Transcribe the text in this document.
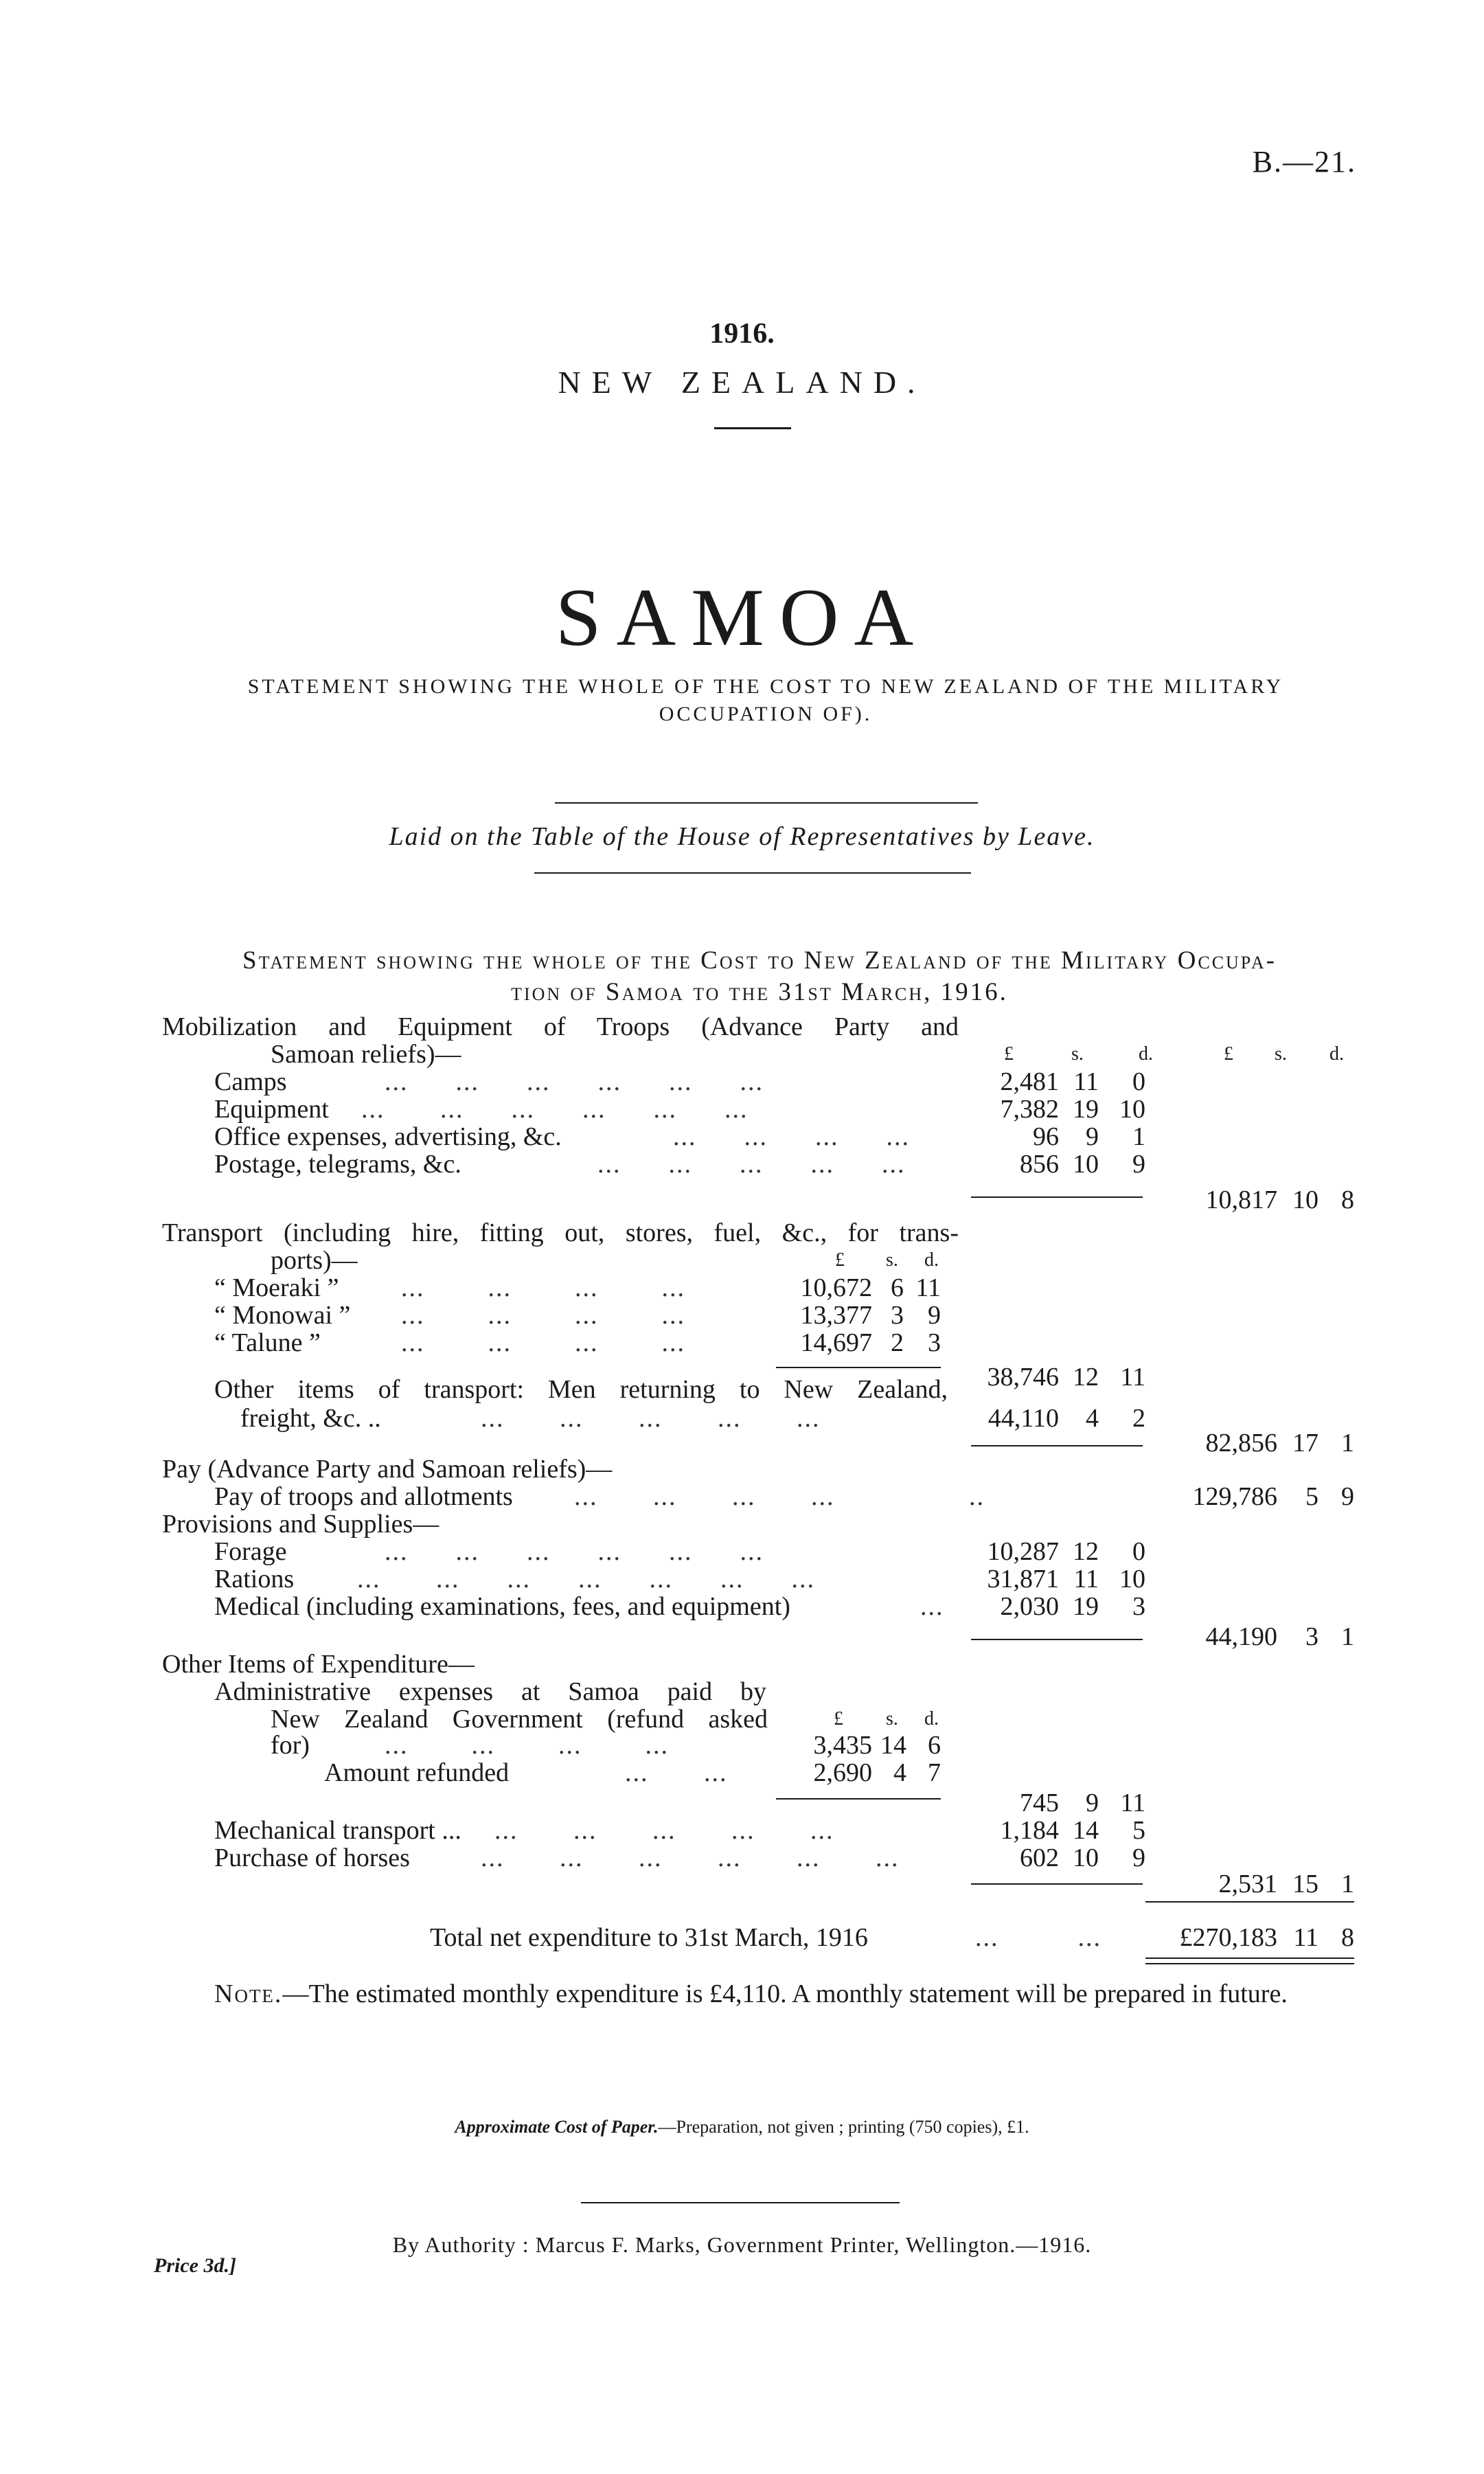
B.—21.
1916.
NEW ZEALAND.
SAMOA
STATEMENT SHOWING THE WHOLE OF THE COST TO NEW ZEALAND OF THE MILITARY OCCUPATION OF).
Laid on the Table of the House of Representatives by Leave.
Statement showing the whole of the Cost to New Zealand of the Military Occupa-
tion of Samoa to the 31st March, 1916.
Mobilization and Equipment of Troops (Advance Party and
Samoan reliefs)—	£	s.	d.	£ s. d.
Camps	...      ...      ...      ...      ...      ...	2,481 11	0
Equipment ...       ...      ...      ...      ...      ...	7,382 19 10
Office expenses, advertising, &c.	...      ...      ...      ...	96	9	1
Postage, telegrams, &c.	...      ...      ...      ...      ...	856 10	9
10,817 10 8
Transport (including hire, fitting out, stores, fuel, &c., for trans-
ports)—	£ s. d.
“ Moeraki ” ...        ...        ...        ...	10,672 6 11
“ Monowai ” ...        ...        ...        ...	13,377 3 9
“ Talune ”	...        ...        ...        ...	14,697 2 3
38,746 12 11
Other items of transport: Men returning to New Zealand,
freight, &c. ..	...       ...       ...       ...       ...	44,110	4	2
82,856 17 1
Pay (Advance Party and Samoan reliefs)—
Pay of troops and allotments ...       ...       ...       ...                 ..	129,786	5 9
Provisions and Supplies—
Forage	...      ...      ...      ...      ...      ...	10,287 12	0
Rations ...       ...      ...      ...      ...      ...      ...	31,871 11 10
Medical (including examinations, fees, and equipment)	...	2,030 19	3
44,190	3 1
Other Items of Expenditure—
Administrative expenses at Samoa paid by
New Zealand Government (refund asked	£ s. d.
for)	...        ...        ...        ...	3,435 14 6
Amount refunded	...       ...	2,690 4 7
745	9 11
Mechanical transport ... ...       ...       ...       ...       ...	1,184 14	5
Purchase of horses	...       ...       ...       ...       ...       ...	602 10	9
2,531 15 1
Total net expenditure to 31st March, 1916	...          ...	£270,183 11 8
Note.—The estimated monthly expenditure is £4,110. A monthly statement will be prepared in future.
Approximate Cost of Paper.—Preparation, not given ; printing (750 copies), £1.
By Authority : Marcus F. Marks, Government Printer, Wellington.—1916.
Price 3d.]
